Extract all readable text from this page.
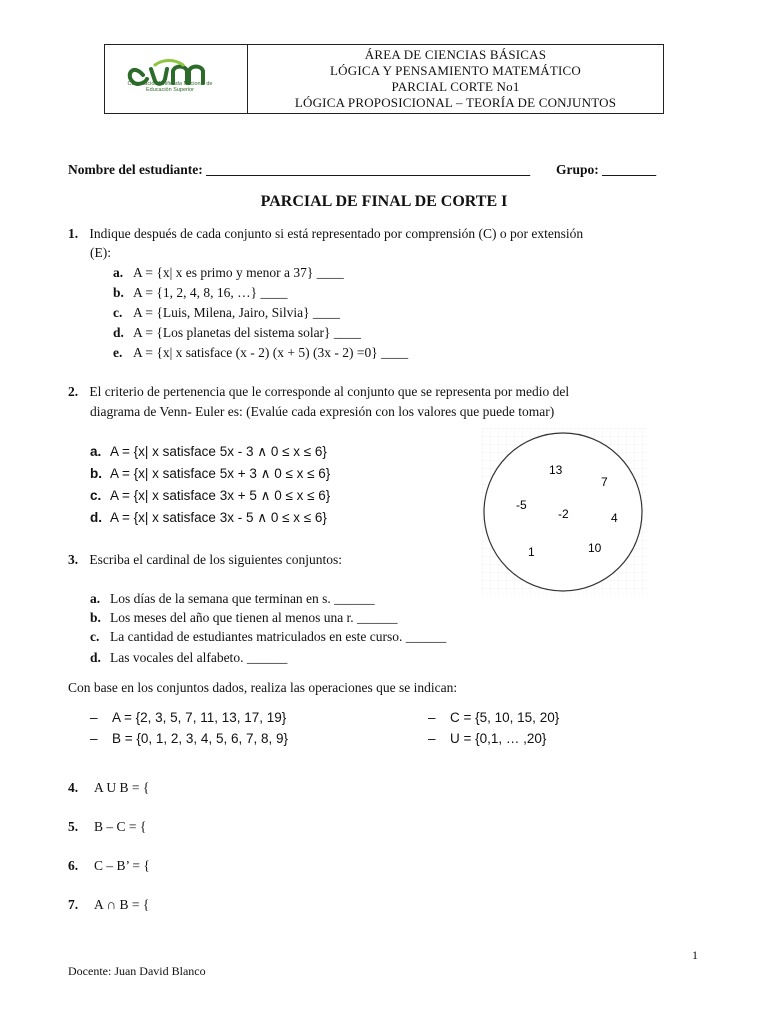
Corporación Unificada Nacional de Educación Superior
ÁREA DE CIENCIAS BÁSICAS
LÓGICA Y PENSAMIENTO MATEMÁTICO
PARCIAL CORTE No1
LÓGICA PROPOSICIONAL – TEORÍA DE CONJUNTOS
Nombre del estudiante: ________________________________________________ Grupo: ________
PARCIAL DE FINAL DE CORTE I
1. Indique después de cada conjunto si está representado por comprensión (C) o por extensión
(E):
a. A = {x| x es primo y menor a 37} ____
b. A = {1, 2, 4, 8, 16, …} ____
c. A = {Luis, Milena, Jairo, Silvia} ____
d. A = {Los planetas del sistema solar} ____
e. A = {x| x satisface (x - 2) (x + 5) (3x - 2) =0} ____
2. El criterio de pertenencia que le corresponde al conjunto que se representa por medio del
diagrama de Venn- Euler es: (Evalúe cada expresión con los valores que puede tomar)
a. A = {x| x satisface 5x - 3 ∧ 0 ≤ x ≤ 6}
b. A = {x| x satisface 5x + 3 ∧ 0 ≤ x ≤ 6}
c. A = {x| x satisface 3x + 5 ∧ 0 ≤ x ≤ 6}
d. A = {x| x satisface 3x - 5 ∧ 0 ≤ x ≤ 6}
13
7
-5
-2	4
1	10
3. Escriba el cardinal de los siguientes conjuntos:
a. Los días de la semana que terminan en s. ______
b. Los meses del año que tienen al menos una r. ______
c. La cantidad de estudiantes matriculados en este curso. ______
d. Las vocales del alfabeto. ______
Con base en los conjuntos dados, realiza las operaciones que se indican:
– A = {2, 3, 5, 7, 11, 13, 17, 19}
– B = {0, 1, 2, 3, 4, 5, 6, 7, 8, 9}
– C = {5, 10, 15, 20}
– U = {0,1, … ,20}
4. A U B = {
5. B – C = {
6. C – B’ = {
7. A ∩ B = {
1
Docente: Juan David Blanco
